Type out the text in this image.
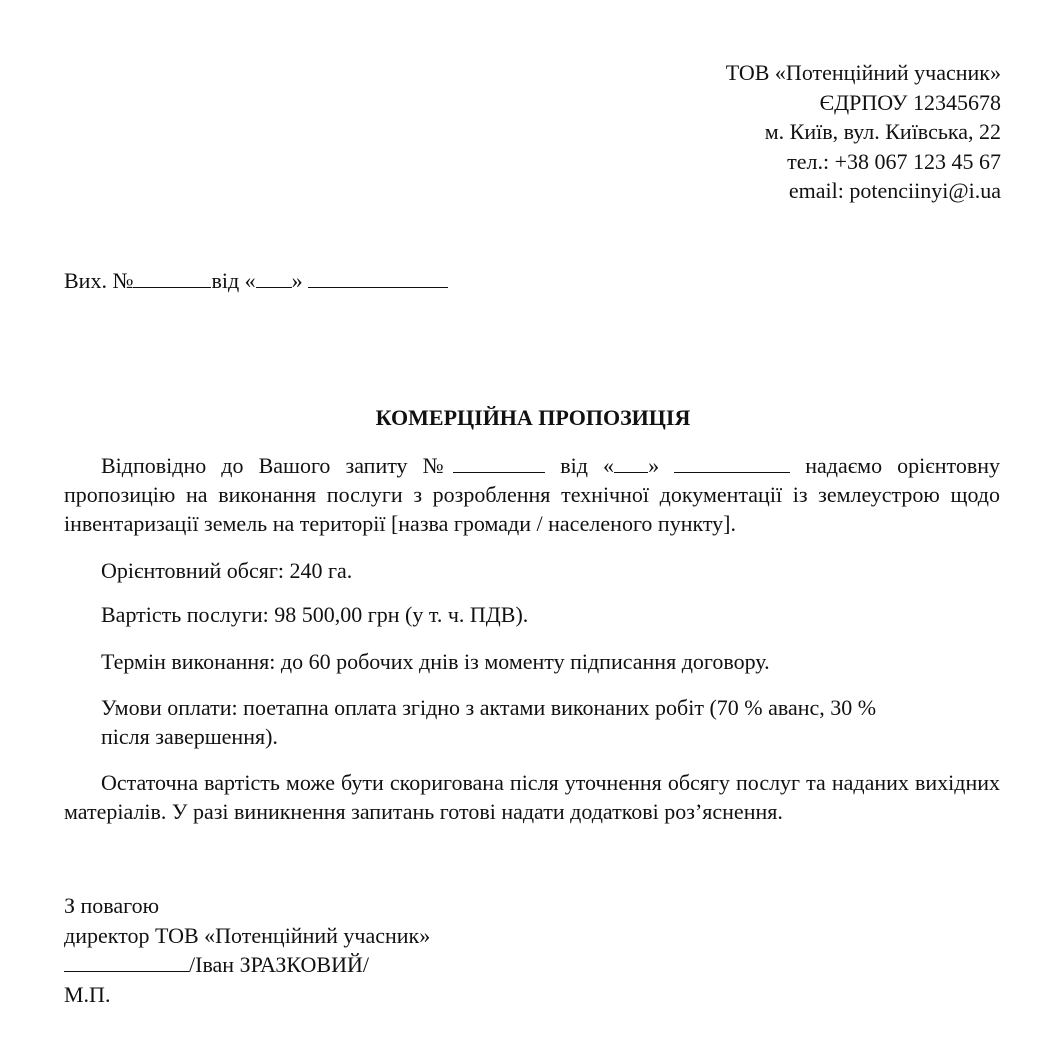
ТОВ «Потенційний учасник»
ЄДРПОУ 12345678
м. Київ, вул. Київська, 22
тел.: +38 067 123 45 67
email: potenciinyi@i.ua
Вих. №	від « »
КОМЕРЦІЙНА ПРОПОЗИЦІЯ
Відповідно до Вашого запиту №	від « »	надаємо орієнтовну пропозицію на виконання послуги з розроблення технічної документації із землеустрою щодо інвентаризації земель на території [назва громади / населеного пункту].
Орієнтовний обсяг: 240 га.
Вартість послуги: 98 500,00 грн (у т. ч. ПДВ).
Термін виконання: до 60 робочих днів із моменту підписання договору.
Умови оплати: поетапна оплата згідно з актами виконаних робіт (70 % аванс, 30 %
після завершення).
Остаточна вартість може бути скоригована після уточнення обсягу послуг та наданих вихідних матеріалів. У разі виникнення запитань готові надати додаткові роз’яснення.
З повагою
директор ТОВ «Потенційний учасник»
/Іван ЗРАЗКОВИЙ/
М.П.
